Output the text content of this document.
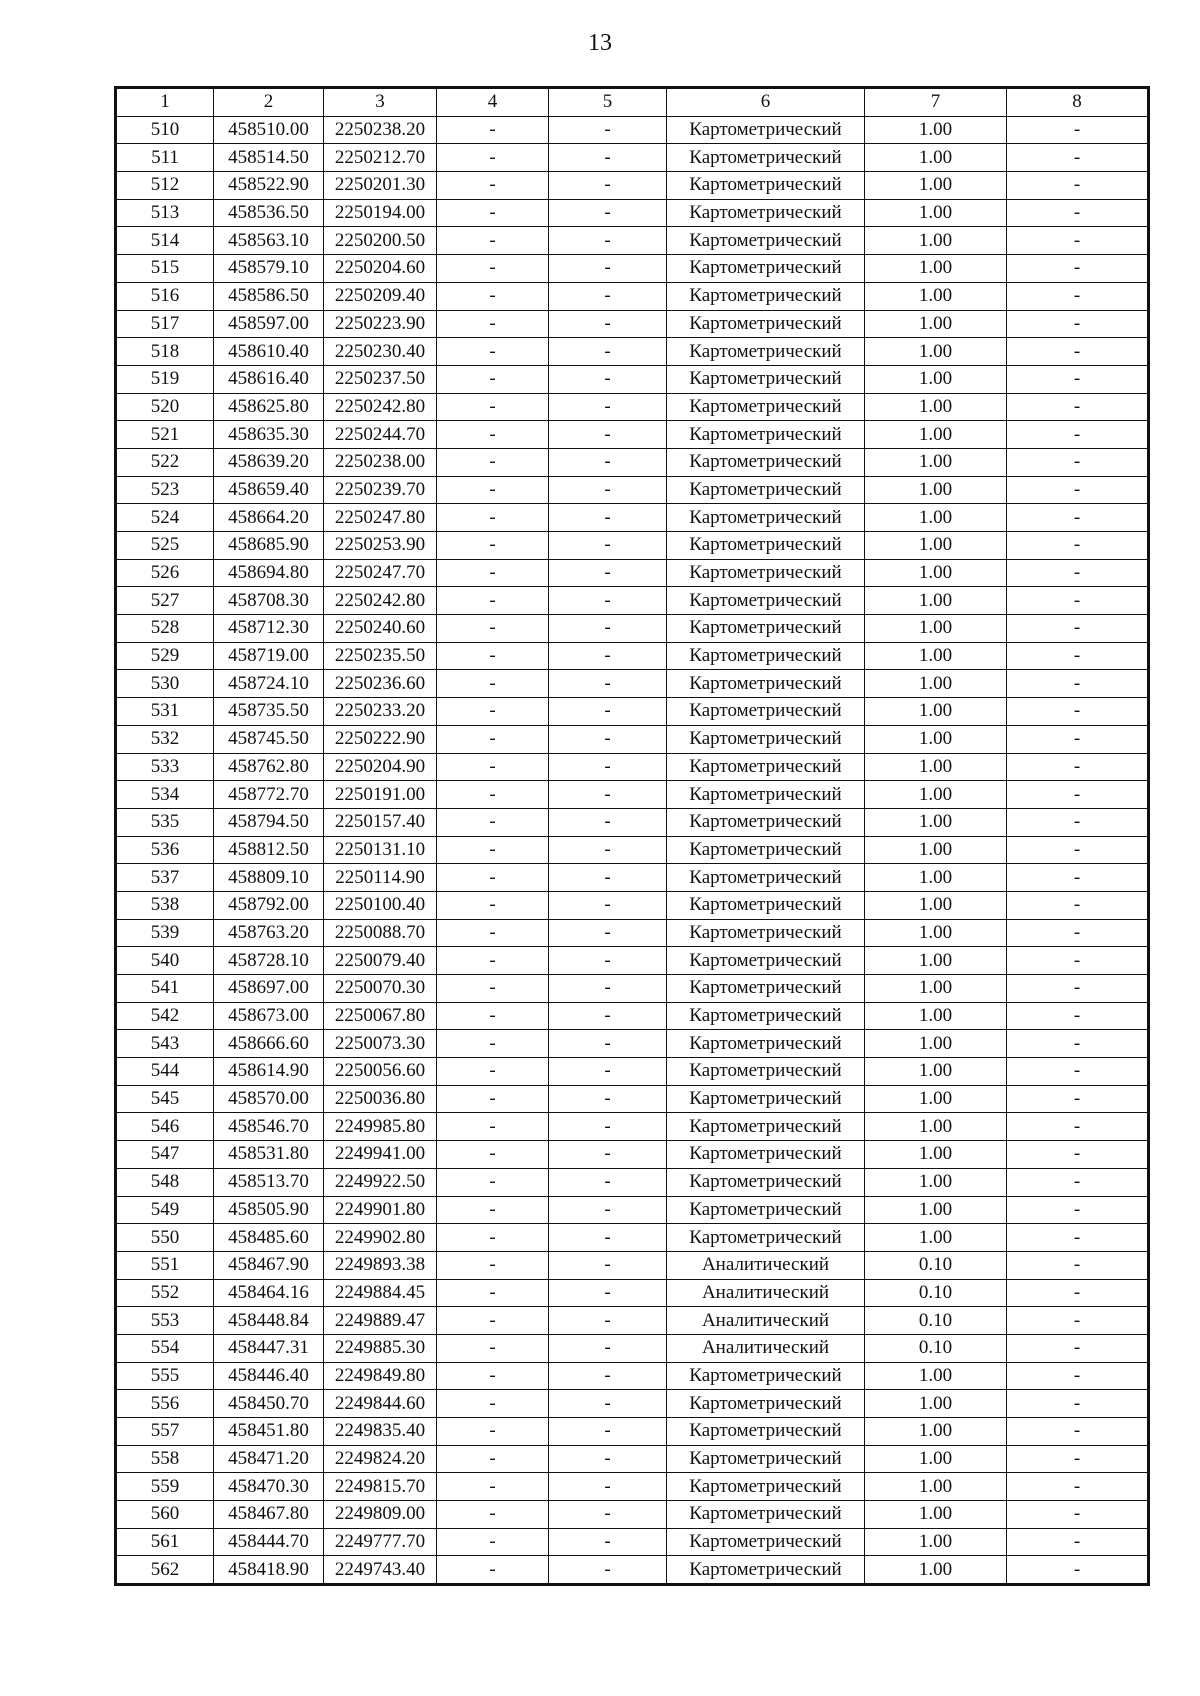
13
1	2	3	4	5	6	7	8
510	458510.00	2250238.20	-	-	Картометрический	1.00	-
511	458514.50	2250212.70	-	-	Картометрический	1.00	-
512	458522.90	2250201.30	-	-	Картометрический	1.00	-
513	458536.50	2250194.00	-	-	Картометрический	1.00	-
514	458563.10	2250200.50	-	-	Картометрический	1.00	-
515	458579.10	2250204.60	-	-	Картометрический	1.00	-
516	458586.50	2250209.40	-	-	Картометрический	1.00	-
517	458597.00	2250223.90	-	-	Картометрический	1.00	-
518	458610.40	2250230.40	-	-	Картометрический	1.00	-
519	458616.40	2250237.50	-	-	Картометрический	1.00	-
520	458625.80	2250242.80	-	-	Картометрический	1.00	-
521	458635.30	2250244.70	-	-	Картометрический	1.00	-
522	458639.20	2250238.00	-	-	Картометрический	1.00	-
523	458659.40	2250239.70	-	-	Картометрический	1.00	-
524	458664.20	2250247.80	-	-	Картометрический	1.00	-
525	458685.90	2250253.90	-	-	Картометрический	1.00	-
526	458694.80	2250247.70	-	-	Картометрический	1.00	-
527	458708.30	2250242.80	-	-	Картометрический	1.00	-
528	458712.30	2250240.60	-	-	Картометрический	1.00	-
529	458719.00	2250235.50	-	-	Картометрический	1.00	-
530	458724.10	2250236.60	-	-	Картометрический	1.00	-
531	458735.50	2250233.20	-	-	Картометрический	1.00	-
532	458745.50	2250222.90	-	-	Картометрический	1.00	-
533	458762.80	2250204.90	-	-	Картометрический	1.00	-
534	458772.70	2250191.00	-	-	Картометрический	1.00	-
535	458794.50	2250157.40	-	-	Картометрический	1.00	-
536	458812.50	2250131.10	-	-	Картометрический	1.00	-
537	458809.10	2250114.90	-	-	Картометрический	1.00	-
538	458792.00	2250100.40	-	-	Картометрический	1.00	-
539	458763.20	2250088.70	-	-	Картометрический	1.00	-
540	458728.10	2250079.40	-	-	Картометрический	1.00	-
541	458697.00	2250070.30	-	-	Картометрический	1.00	-
542	458673.00	2250067.80	-	-	Картометрический	1.00	-
543	458666.60	2250073.30	-	-	Картометрический	1.00	-
544	458614.90	2250056.60	-	-	Картометрический	1.00	-
545	458570.00	2250036.80	-	-	Картометрический	1.00	-
546	458546.70	2249985.80	-	-	Картометрический	1.00	-
547	458531.80	2249941.00	-	-	Картометрический	1.00	-
548	458513.70	2249922.50	-	-	Картометрический	1.00	-
549	458505.90	2249901.80	-	-	Картометрический	1.00	-
550	458485.60	2249902.80	-	-	Картометрический	1.00	-
551	458467.90	2249893.38	-	-	Аналитический	0.10	-
552	458464.16	2249884.45	-	-	Аналитический	0.10	-
553	458448.84	2249889.47	-	-	Аналитический	0.10	-
554	458447.31	2249885.30	-	-	Аналитический	0.10	-
555	458446.40	2249849.80	-	-	Картометрический	1.00	-
556	458450.70	2249844.60	-	-	Картометрический	1.00	-
557	458451.80	2249835.40	-	-	Картометрический	1.00	-
558	458471.20	2249824.20	-	-	Картометрический	1.00	-
559	458470.30	2249815.70	-	-	Картометрический	1.00	-
560	458467.80	2249809.00	-	-	Картометрический	1.00	-
561	458444.70	2249777.70	-	-	Картометрический	1.00	-
562	458418.90	2249743.40	-	-	Картометрический	1.00	-
